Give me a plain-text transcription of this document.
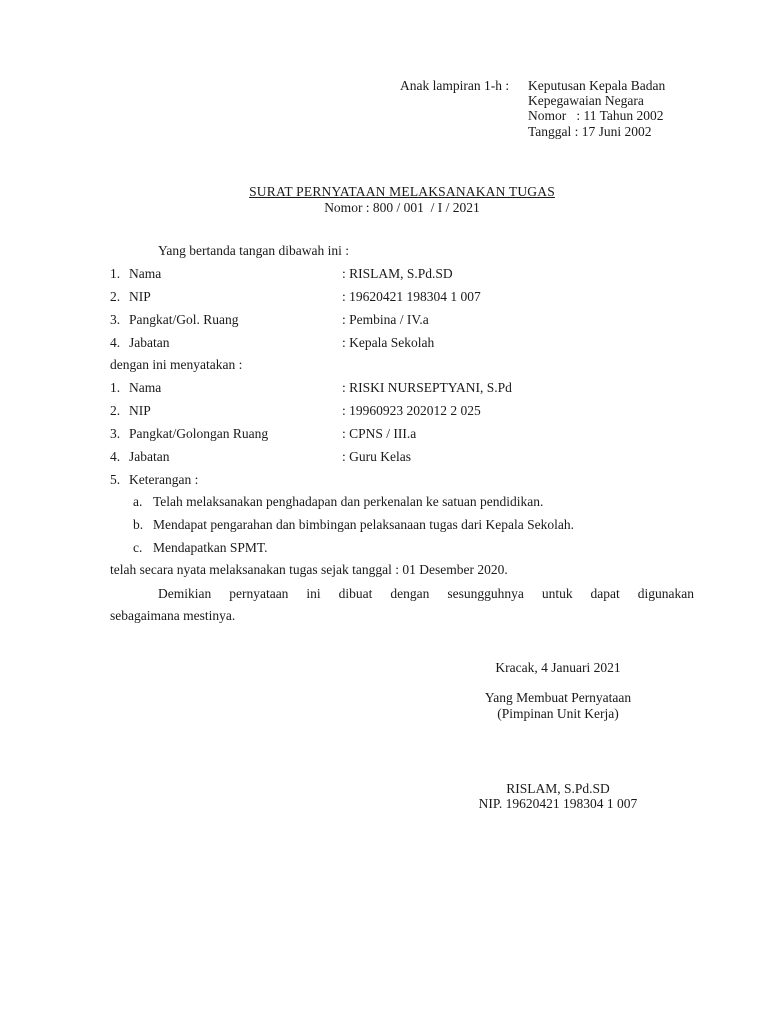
Anak lampiran 1-h : Keputusan Kepala Badan
Kepegawaian Negara
Nomor   : 11 Tahun 2002
Tanggal : 17 Juni 2002
SURAT PERNYATAAN MELAKSANAKAN TUGAS
Nomor : 800 / 001  / I / 2021
Yang bertanda tangan dibawah ini :
1. Nama	: RISLAM, S.Pd.SD
2. NIP	: 19620421 198304 1 007
3. Pangkat/Gol. Ruang	: Pembina / IV.a
4. Jabatan	: Kepala Sekolah
dengan ini menyatakan :
1. Nama	: RISKI NURSEPTYANI, S.Pd
2. NIP	: 19960923 202012 2 025
3. Pangkat/Golongan Ruang	: CPNS / III.a
4. Jabatan	: Guru Kelas
5. Keterangan :
a. Telah melaksanakan penghadapan dan perkenalan ke satuan pendidikan.
b. Mendapat pengarahan dan bimbingan pelaksanaan tugas dari Kepala Sekolah.
c. Mendapatkan SPMT.
telah secara nyata melaksanakan tugas sejak tanggal : 01 Desember 2020.
Demikian pernyataan ini dibuat dengan sesungguhnya untuk dapat digunakan
sebagaimana mestinya.
Kracak, 4 Januari 2021
Yang Membuat Pernyataan
(Pimpinan Unit Kerja)
RISLAM, S.Pd.SD
NIP. 19620421 198304 1 007
